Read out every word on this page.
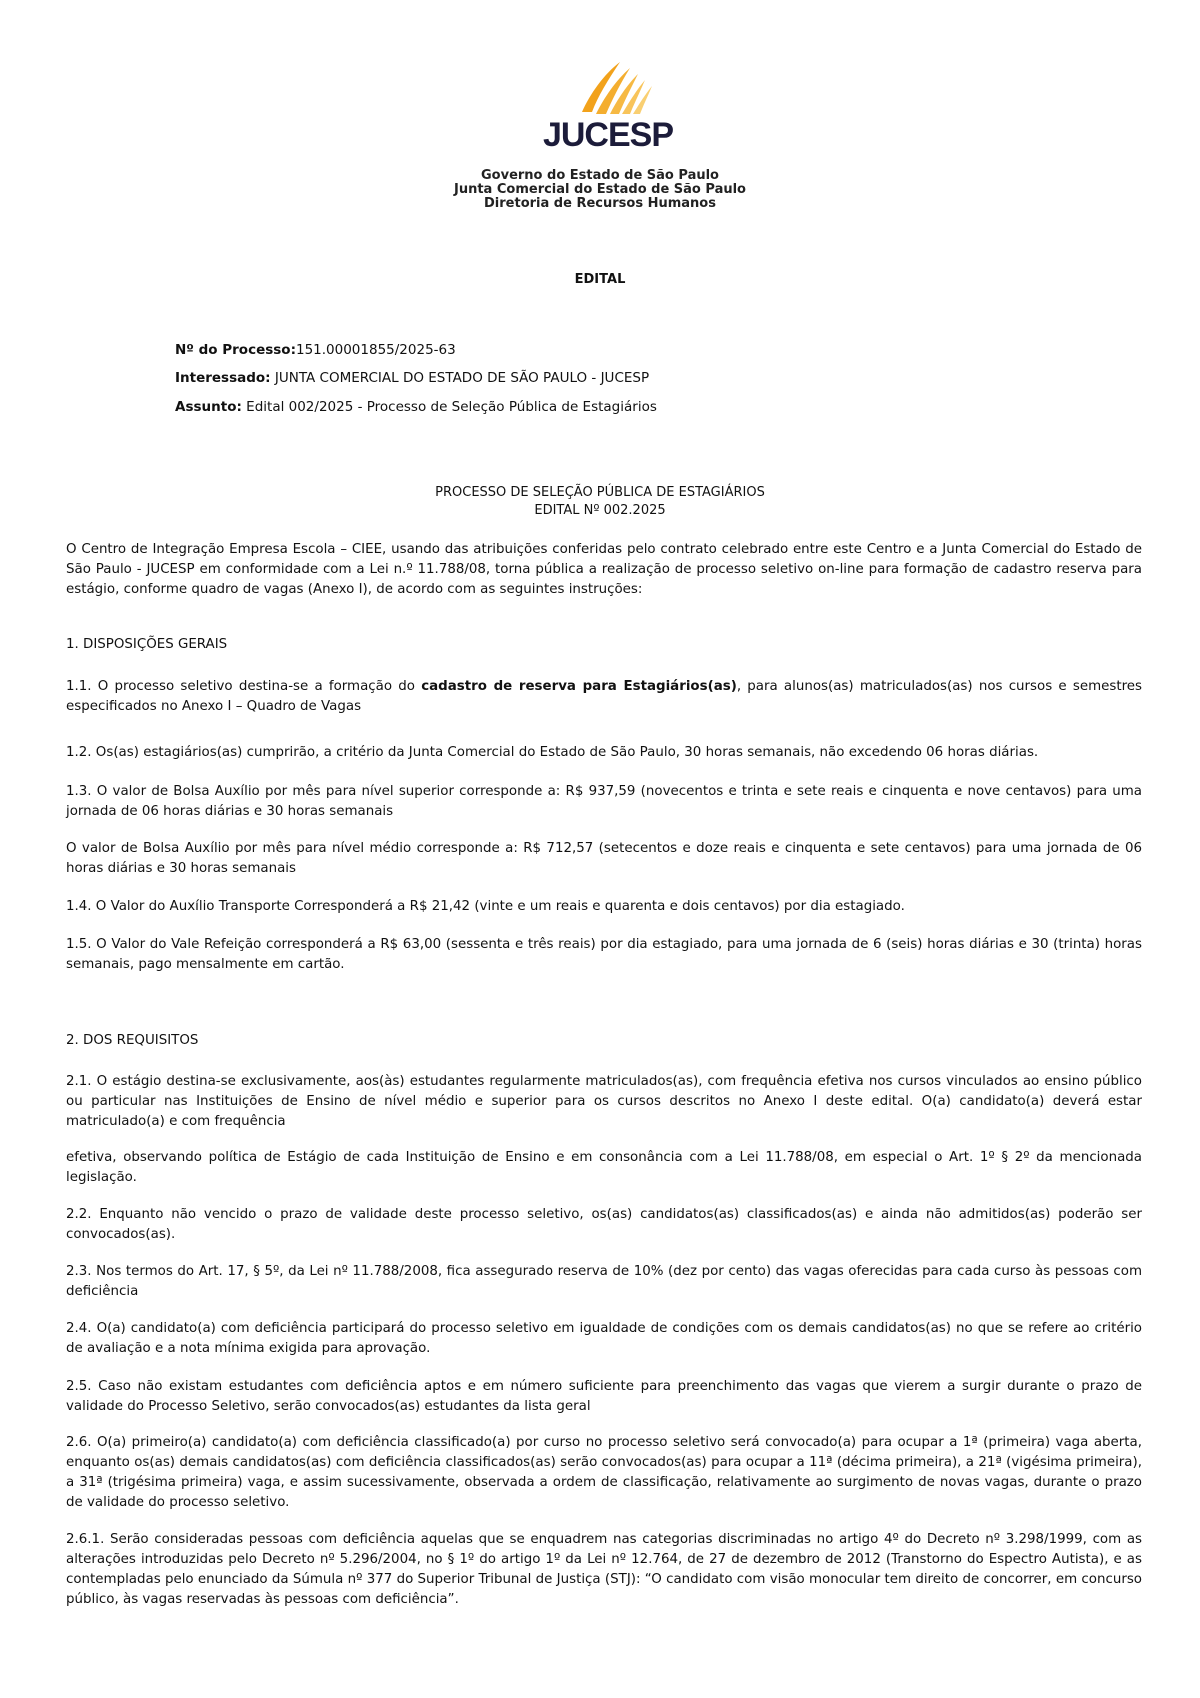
JUCESP
Governo do Estado de São Paulo
Junta Comercial do Estado de São Paulo
Diretoria de Recursos Humanos
EDITAL
Nº do Processo:151.00001855/2025-63
Interessado: JUNTA COMERCIAL DO ESTADO DE SÃO PAULO - JUCESP
Assunto: Edital 002/2025 - Processo de Seleção Pública de Estagiários
PROCESSO DE SELEÇÃO PÚBLICA DE ESTAGIÁRIOS
EDITAL Nº 002.2025
O Centro de Integração Empresa Escola – CIEE, usando das atribuições conferidas pelo contrato celebrado entre este Centro e a Junta Comercial do Estado de São Paulo - JUCESP em conformidade com a Lei n.º 11.788/08, torna pública a realização de processo seletivo on-line para formação de cadastro reserva para estágio, conforme quadro de vagas (Anexo I), de acordo com as seguintes instruções:
1. DISPOSIÇÕES GERAIS
1.1. O processo seletivo destina-se a formação do cadastro de reserva para Estagiários(as), para alunos(as) matriculados(as) nos cursos e semestres especificados no Anexo I – Quadro de Vagas
1.2. Os(as) estagiários(as) cumprirão, a critério da Junta Comercial do Estado de São Paulo, 30 horas semanais, não excedendo 06 horas diárias.
1.3. O valor de Bolsa Auxílio por mês para nível superior corresponde a: R$ 937,59 (novecentos e trinta e sete reais e cinquenta e nove centavos) para uma jornada de 06 horas diárias e 30 horas semanais
O valor de Bolsa Auxílio por mês para nível médio corresponde a: R$ 712,57 (setecentos e doze reais e cinquenta e sete centavos) para uma jornada de 06 horas diárias e 30 horas semanais
1.4. O Valor do Auxílio Transporte Corresponderá a R$ 21,42 (vinte e um reais e quarenta e dois centavos) por dia estagiado.
1.5. O Valor do Vale Refeição corresponderá a R$ 63,00 (sessenta e três reais) por dia estagiado, para uma jornada de 6 (seis) horas diárias e 30 (trinta) horas semanais, pago mensalmente em cartão.
2. DOS REQUISITOS
2.1. O estágio destina-se exclusivamente, aos(às) estudantes regularmente matriculados(as), com frequência efetiva nos cursos vinculados ao ensino público ou particular nas Instituições de Ensino de nível médio e superior para os cursos descritos no Anexo I deste edital. O(a) candidato(a) deverá estar matriculado(a) e com frequência
efetiva, observando política de Estágio de cada Instituição de Ensino e em consonância com a Lei 11.788/08, em especial o Art. 1º § 2º da mencionada legislação.
2.2. Enquanto não vencido o prazo de validade deste processo seletivo, os(as) candidatos(as) classificados(as) e ainda não admitidos(as) poderão ser convocados(as).
2.3. Nos termos do Art. 17, § 5º, da Lei nº 11.788/2008, fica assegurado reserva de 10% (dez por cento) das vagas oferecidas para cada curso às pessoas com deficiência
2.4. O(a) candidato(a) com deficiência participará do processo seletivo em igualdade de condições com os demais candidatos(as) no que se refere ao critério de avaliação e a nota mínima exigida para aprovação.
2.5. Caso não existam estudantes com deficiência aptos e em número suficiente para preenchimento das vagas que vierem a surgir durante o prazo de validade do Processo Seletivo, serão convocados(as) estudantes da lista geral
2.6. O(a) primeiro(a) candidato(a) com deficiência classificado(a) por curso no processo seletivo será convocado(a) para ocupar a 1ª (primeira) vaga aberta, enquanto os(as) demais candidatos(as) com deficiência classificados(as) serão convocados(as) para ocupar a 11ª (décima primeira), a 21ª (vigésima primeira), a 31ª (trigésima primeira) vaga, e assim sucessivamente, observada a ordem de classificação, relativamente ao surgimento de novas vagas, durante o prazo de validade do processo seletivo.
2.6.1. Serão consideradas pessoas com deficiência aquelas que se enquadrem nas categorias discriminadas no artigo 4º do Decreto nº 3.298/1999, com as alterações introduzidas pelo Decreto nº 5.296/2004, no § 1º do artigo 1º da Lei nº 12.764, de 27 de dezembro de 2012 (Transtorno do Espectro Autista), e as contempladas pelo enunciado da Súmula nº 377 do Superior Tribunal de Justiça (STJ): “O candidato com visão monocular tem direito de concorrer, em concurso público, às vagas reservadas às pessoas com deficiência”.
